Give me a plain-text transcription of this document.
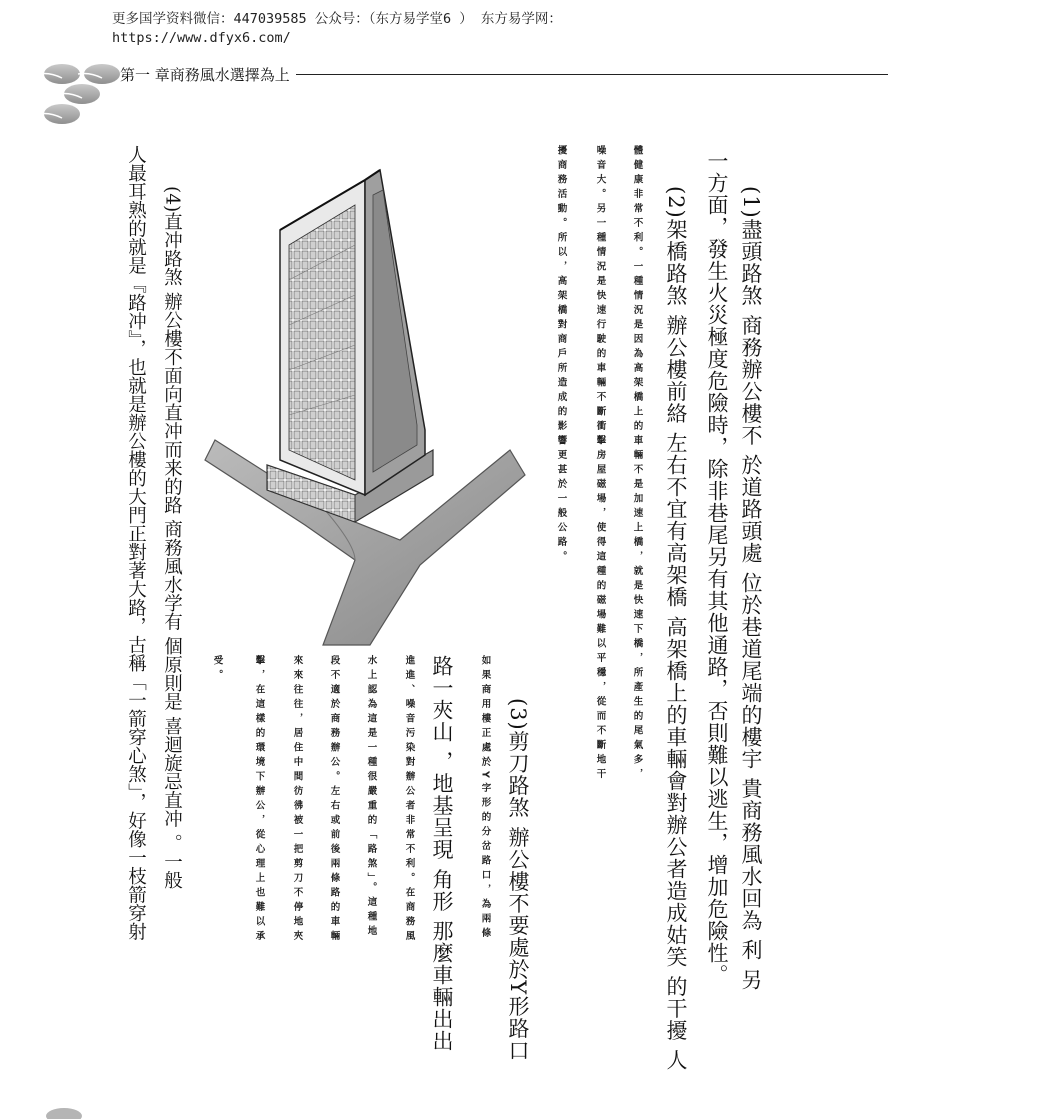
更多国学资料微信：447039585 公众号：（东方易学堂6 ） 东方易学网：
https://www.dfyx6.com/
第一 章商務風水選擇為上
(1)盡頭路煞 商務辦公樓不 於道路頭處 位於巷道尾端的樓宇 貴商務風水回為 利 另
一方面，發生火災極度危險時，除非巷尾另有其他通路，否則難以逃生，增加危險性。
(2)架橋路煞 辦公樓前絡 左右不宜有高架橋 高架橋上的車輛會對辦公者造成姑笑 的干擾 人
體健康非常不利。一種情況是因為高架橋上的車輛不是加速上橋，就是快速下橋，所產生的尾氣多，
噪音大。另一種情況是快速行駛的車輛不斷衝擊房屋磁場，使得這種的磁場難以平穩，從而不斷地干
擾商務活動。所以，高架橋對商戶所造成的影響更甚於一般公路。
(3)剪刀路煞 辦公樓不要處於Y形路口
如果商用樓正處於Y字形的分岔路口，為兩條
路一夾山 ，地基呈現 角形 那麼車輛出出
進進、噪音污染對辦公者非常不利。在商務風
水上認為這是一種很嚴重的「路煞」。這種地
段不適於商務辦公。左右或前後兩條路的車輛
來來往往，居住中間彷彿被一把剪刀不停地夾
擊，在這樣的環境下辦公，從心理上也難以承
受。
(4)直冲路煞 辦公樓不面向直冲而来的路 商務風水学有 個原則是 喜迴旋忌直冲 。一般
人最耳熟的就是『路冲』，也就是辦公樓的大門正對著大路，古稱「一箭穿心煞」，好像一枝箭穿射
